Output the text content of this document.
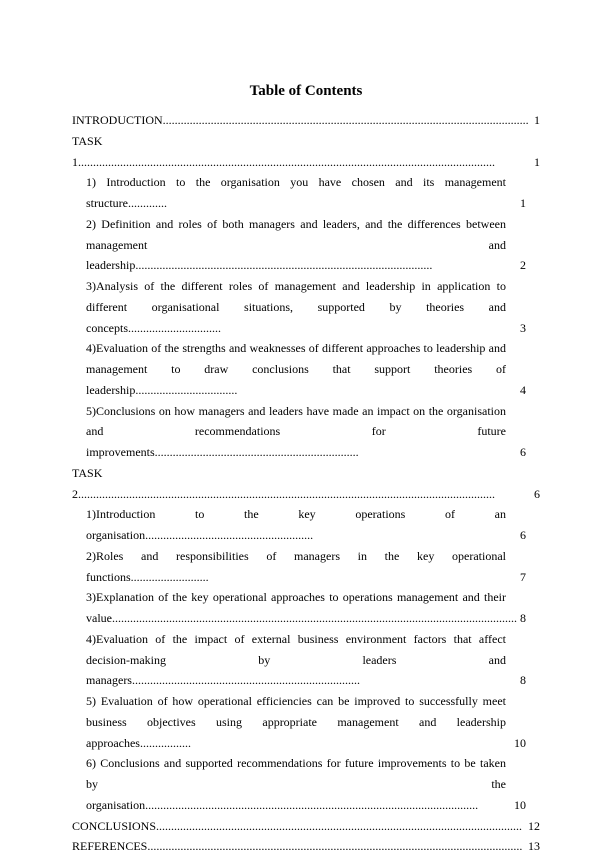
Table of Contents
INTRODUCTION.......................................................................................................................... 1
TASK 1...........................................................................................................................................	1
1) Introduction to the organisation you have chosen and its management structure.............	1
2) Definition and roles of both managers and leaders, and the differences between management and leadership...................................................................................................	2
3)Analysis of the different roles of management and leadership in application to different organisational situations, supported by theories and concepts...............................	3
4)Evaluation of the strengths and weaknesses of different approaches to leadership and management to draw conclusions that support theories of leadership..................................	4
5)Conclusions on how managers and leaders have made an impact on the organisation and recommendations for future improvements....................................................................	6
TASK 2...........................................................................................................................................	6
1)Introduction to the key operations of an organisation........................................................	6
2)Roles and responsibilities of managers in the key operational functions..........................	7
3)Explanation of the key operational approaches to operations management and their value....................................................................................................................................... 8
4)Evaluation of the impact of external business environment factors that affect decision-making by leaders and managers............................................................................	8
5) Evaluation of how operational efficiencies can be improved to successfully meet business objectives using appropriate management and leadership approaches.................	10
6) Conclusions and supported recommendations for future improvements to be taken by the organisation...............................................................................................................	10
CONCLUSIONS.......................................................................................................................... 12
REFERENCES............................................................................................................................. 13
